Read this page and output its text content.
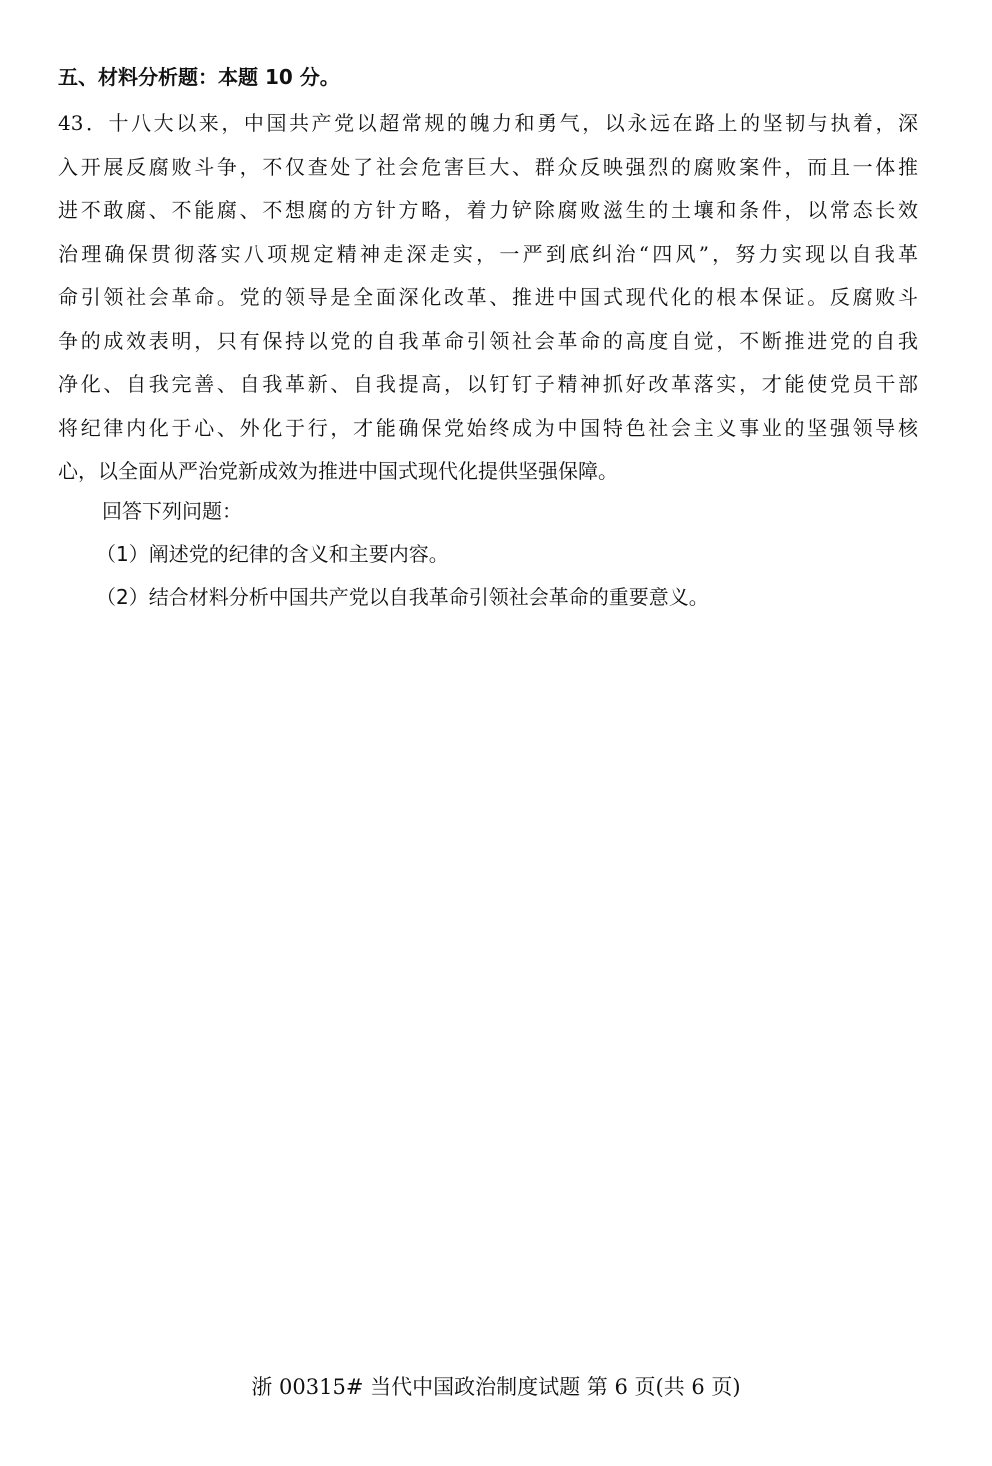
五、材料分析题：本题 10 分。
43．十八大以来，中国共产党以超常规的魄力和勇气，以永远在路上的坚韧与执着，深
入开展反腐败斗争，不仅查处了社会危害巨大、群众反映强烈的腐败案件，而且一体推
进不敢腐、不能腐、不想腐的方针方略，着力铲除腐败滋生的土壤和条件，以常态长效
治理确保贯彻落实八项规定精神走深走实，一严到底纠治“四风”，努力实现以自我革
命引领社会革命。党的领导是全面深化改革、推进中国式现代化的根本保证。反腐败斗
争的成效表明，只有保持以党的自我革命引领社会革命的高度自觉，不断推进党的自我
净化、自我完善、自我革新、自我提高，以钉钉子精神抓好改革落实，才能使党员干部
将纪律内化于心、外化于行，才能确保党始终成为中国特色社会主义事业的坚强领导核
心，以全面从严治党新成效为推进中国式现代化提供坚强保障。
回答下列问题：
（1）阐述党的纪律的含义和主要内容。
（2）结合材料分析中国共产党以自我革命引领社会革命的重要意义。
浙 00315# 当代中国政治制度试题 第 6 页(共 6 页)
